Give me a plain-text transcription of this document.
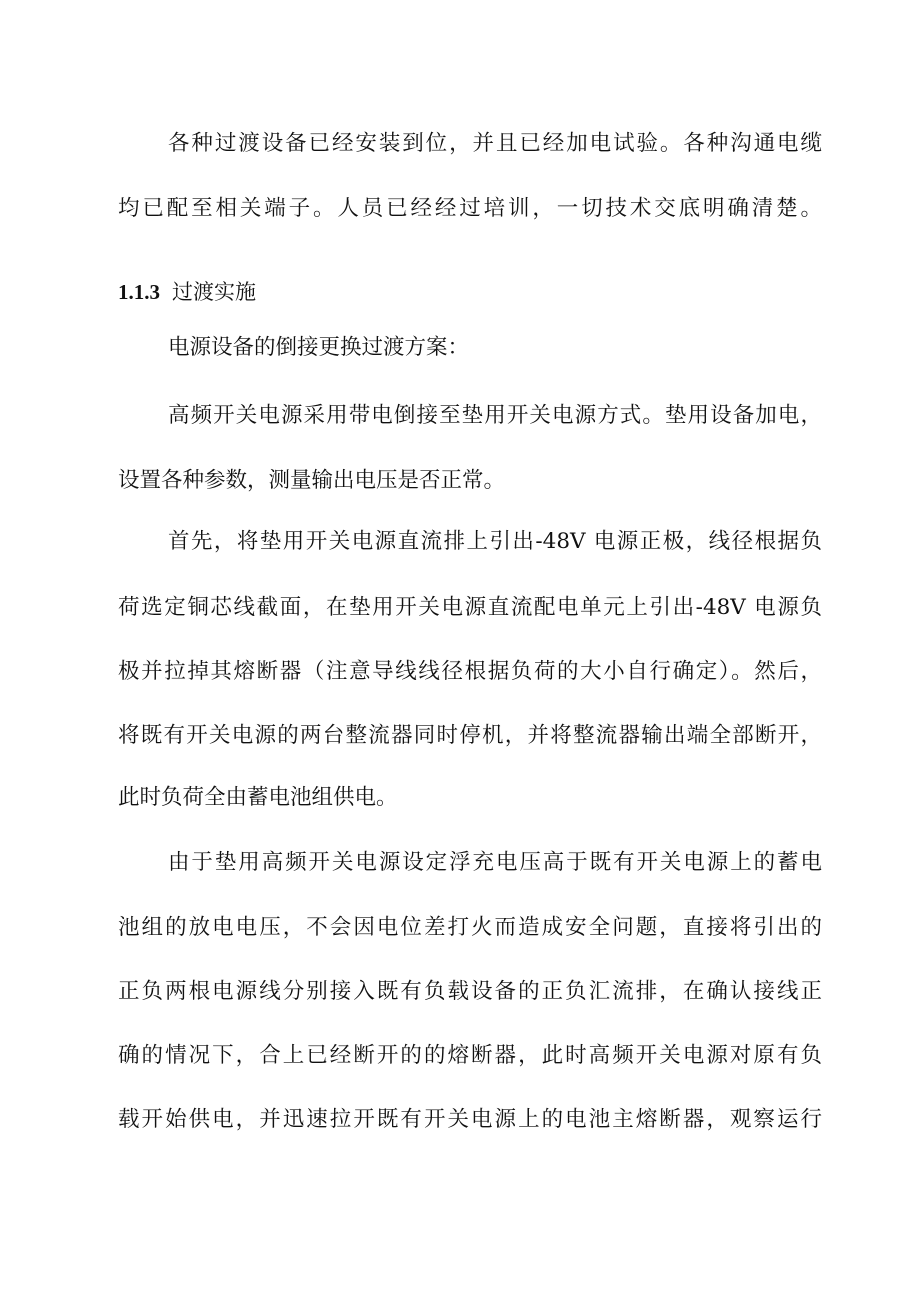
各种过渡设备已经安装到位，并且已经加电试验。各种沟通电缆
均已配至相关端子。人员已经经过培训，一切技术交底明确清楚。
1.1.3 过渡实施
电源设备的倒接更换过渡方案：
高频开关电源采用带电倒接至垫用开关电源方式。垫用设备加电，
设置各种参数，测量输出电压是否正常。
首先，将垫用开关电源直流排上引出-48V 电源正极，线径根据负
荷选定铜芯线截面，在垫用开关电源直流配电单元上引出-48V 电源负
极并拉掉其熔断器（注意导线线径根据负荷的大小自行确定）。然后，
将既有开关电源的两台整流器同时停机，并将整流器输出端全部断开，
此时负荷全由蓄电池组供电。
由于垫用高频开关电源设定浮充电压高于既有开关电源上的蓄电
池组的放电电压，不会因电位差打火而造成安全问题，直接将引出的
正负两根电源线分别接入既有负载设备的正负汇流排，在确认接线正
确的情况下，合上已经断开的的熔断器，此时高频开关电源对原有负
载开始供电，并迅速拉开既有开关电源上的电池主熔断器，观察运行
